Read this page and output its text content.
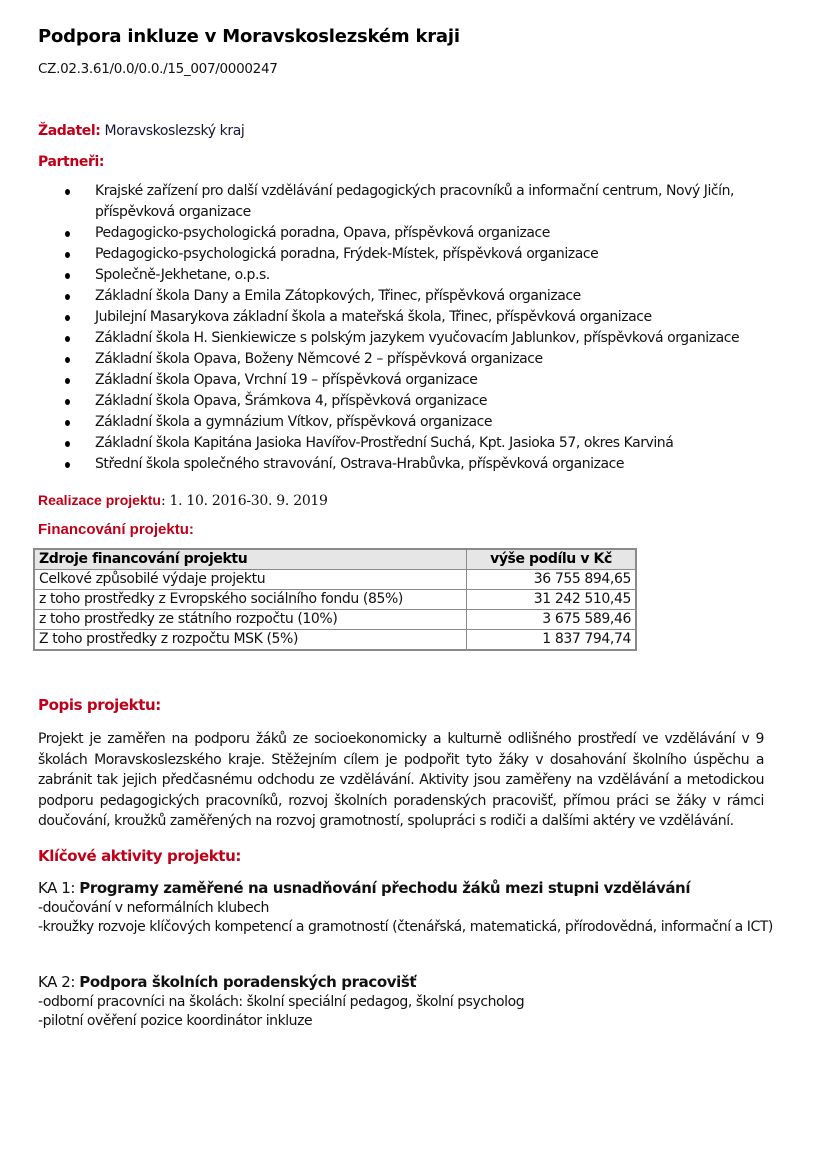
Podpora inkluze v Moravskoslezském kraji
CZ.02.3.61/0.0/0.0./15_007/0000247
Žadatel: Moravskoslezský kraj
Partneři:
Krajské zařízení pro další vzdělávání pedagogických pracovníků a informační centrum, Nový Jičín, příspěvková organizace
Pedagogicko-psychologická poradna, Opava, příspěvková organizace
Pedagogicko-psychologická poradna, Frýdek-Místek, příspěvková organizace
Společně-Jekhetane, o.p.s.
Základní škola Dany a Emila Zátopkových, Třinec, příspěvková organizace
Jubilejní Masarykova základní škola a mateřská škola, Třinec, příspěvková organizace
Základní škola H. Sienkiewicze s polským jazykem vyučovacím Jablunkov, příspěvková organizace
Základní škola Opava, Boženy Němcové 2 – příspěvková organizace
Základní škola Opava, Vrchní 19 – příspěvková organizace
Základní škola Opava, Šrámkova 4, příspěvková organizace
Základní škola a gymnázium Vítkov, příspěvková organizace
Základní škola Kapitána Jasioka Havířov-Prostřední Suchá, Kpt. Jasioka 57, okres Karviná
Střední škola společného stravování, Ostrava-Hrabůvka, příspěvková organizace
Realizace projektu: 1. 10. 2016-30. 9. 2019
Financování projektu:
Zdroje financování projektu	výše podílu v Kč
Celkové způsobilé výdaje projektu	36 755 894,65
z toho prostředky z Evropského sociálního fondu (85%)	31 242 510,45
z toho prostředky ze státního rozpočtu (10%)	3 675 589,46
Z toho prostředky z rozpočtu MSK (5%)	1 837 794,74
Popis projektu:

Projekt je zaměřen na podporu žáků ze socioekonomicky a kulturně odlišného prostředí ve vzdělávání v 9 školách Moravskoslezského kraje. Stěžejním cílem je podpořit tyto žáky v dosahování školního úspěchu a zabránit tak jejich předčasnému odchodu ze vzdělávání. Aktivity jsou zaměřeny na vzdělávání a metodickou podporu pedagogických pracovníků, rozvoj školních poradenských pracovišť, přímou práci se žáky v rámci doučování, kroužků zaměřených na rozvoj gramotností, spolupráci s rodiči a dalšími aktéry ve vzdělávání.

Klíčové aktivity projektu:
KA 1: Programy zaměřené na usnadňování přechodu žáků mezi stupni vzdělávání
-doučování v neformálních klubech
-kroužky rozvoje klíčových kompetencí a gramotností (čtenářská, matematická, přírodovědná, informační a ICT)
KA 2: Podpora školních poradenských pracovišť
-odborní pracovníci na školách: školní speciální pedagog, školní psycholog
-pilotní ověření pozice koordinátor inkluze
